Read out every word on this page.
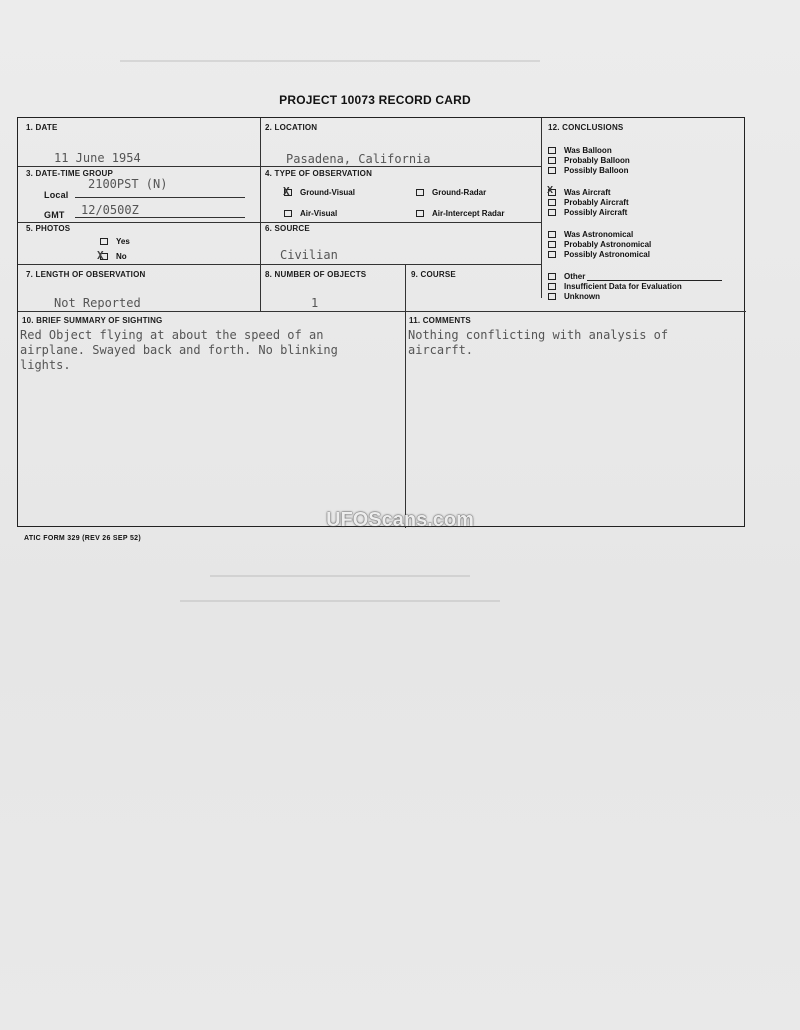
PROJECT 10073 RECORD CARD
1. DATE
11 June 1954
2. LOCATION
Pasadena, California
3. DATE-TIME GROUP
Local
2100PST (N)
GMT 12/0500Z
4. TYPE OF OBSERVATION
X Ground-Visual	Ground-Radar
Air-Visual	Air-Intercept Radar
5. PHOTOS
Yes
X No
6. SOURCE
Civilian
7. LENGTH OF OBSERVATION
Not Reported
8. NUMBER OF OBJECTS
1
9. COURSE
10. BRIEF SUMMARY OF SIGHTING
Red Object flying at about the speed of an airplane. Swayed back and forth. No blinking lights.
11. COMMENTS
Nothing conflicting with analysis of aircarft.
12. CONCLUSIONS
Was Balloon
Probably Balloon
Possibly Balloon
X Was Aircraft
Probably Aircraft
Possibly Aircraft
Was Astronomical
Probably Astronomical
Possibly Astronomical
Other
Insufficient Data for Evaluation
Unknown
UFOScans.com
ATIC FORM 329 (REV 26 SEP 52)
